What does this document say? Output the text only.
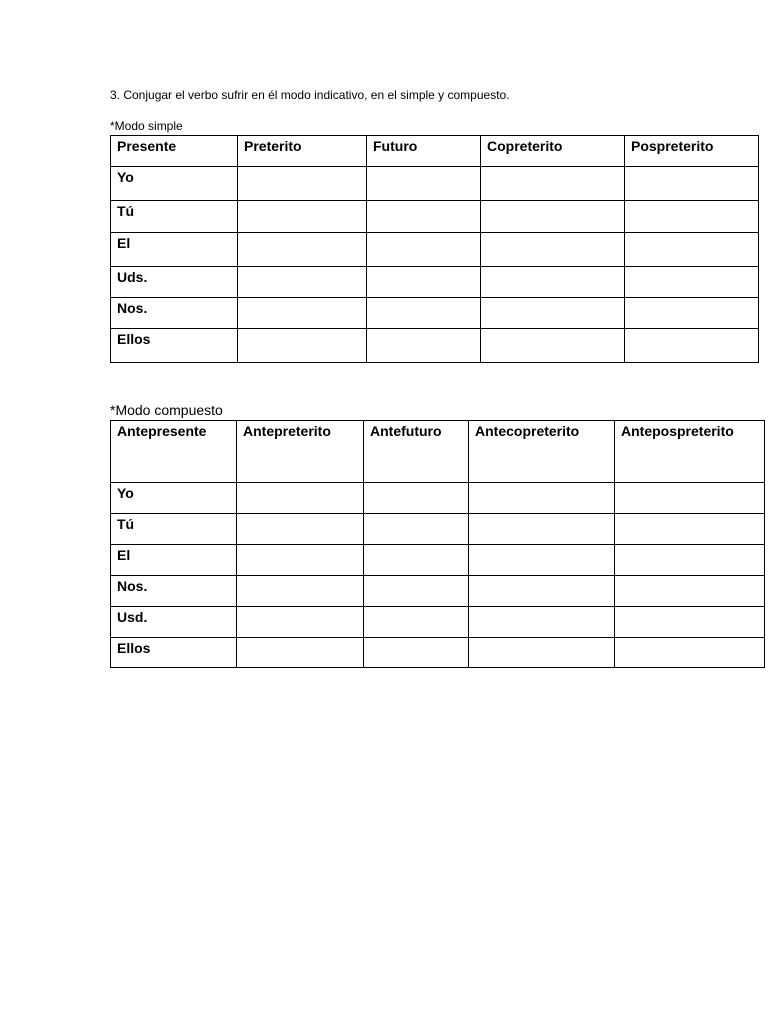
3. Conjugar el verbo sufrir en él modo indicativo, en el simple y compuesto.
*Modo simple
Presente	Preterito	Futuro	Copreterito	Pospreterito
Yo				
Tú				
El				
Uds.				
Nos.				
Ellos				
*Modo compuesto
Antepresente	Antepreterito	Antefuturo	Antecopreterito	Antepospreterito
Yo				
Tú				
El				
Nos.				
Usd.				
Ellos				
